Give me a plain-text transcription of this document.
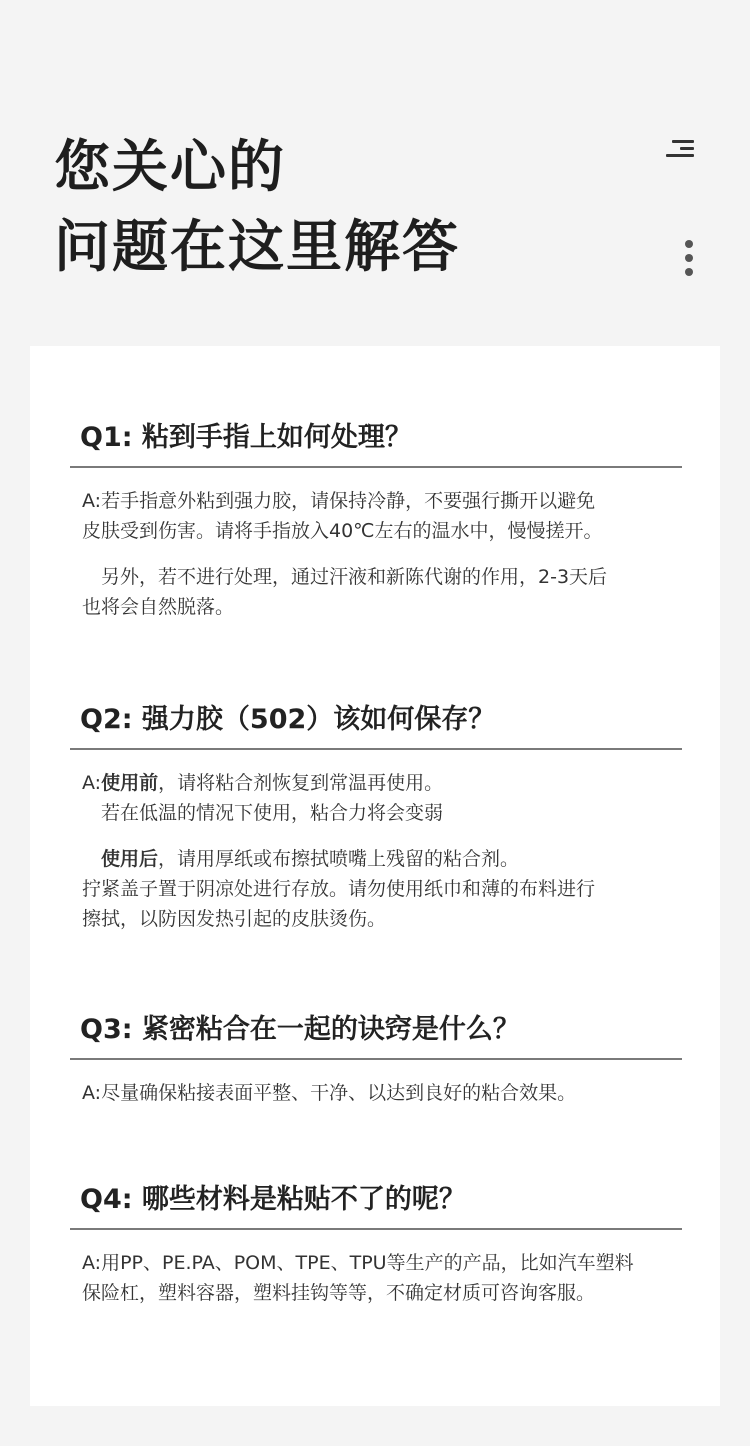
您关心的
问题在这里解答
Q1: 粘到手指上如何处理？

A:若手指意外粘到强力胶，请保持冷静，不要强行撕开以避免

皮肤受到伤害。请将手指放入40℃左右的温水中，慢慢搓开。

　另外，若不进行处理，通过汗液和新陈代谢的作用，2-3天后

也将会自然脱落。

Q2: 强力胶（502）该如何保存？

A:使用前，请将粘合剂恢复到常温再使用。

　若在低温的情况下使用，粘合力将会变弱

　使用后，请用厚纸或布擦拭喷嘴上残留的粘合剂。

拧紧盖子置于阴凉处进行存放。请勿使用纸巾和薄的布料进行

擦拭，以防因发热引起的皮肤烫伤。

Q3: 紧密粘合在一起的诀窍是什么？

A:尽量确保粘接表面平整、干净、以达到良好的粘合效果。

Q4: 哪些材料是粘贴不了的呢？

A:用PP、PE.PA、POM、TPE、TPU等生产的产品，比如汽车塑料

保险杠，塑料容器，塑料挂钩等等，不确定材质可咨询客服。
